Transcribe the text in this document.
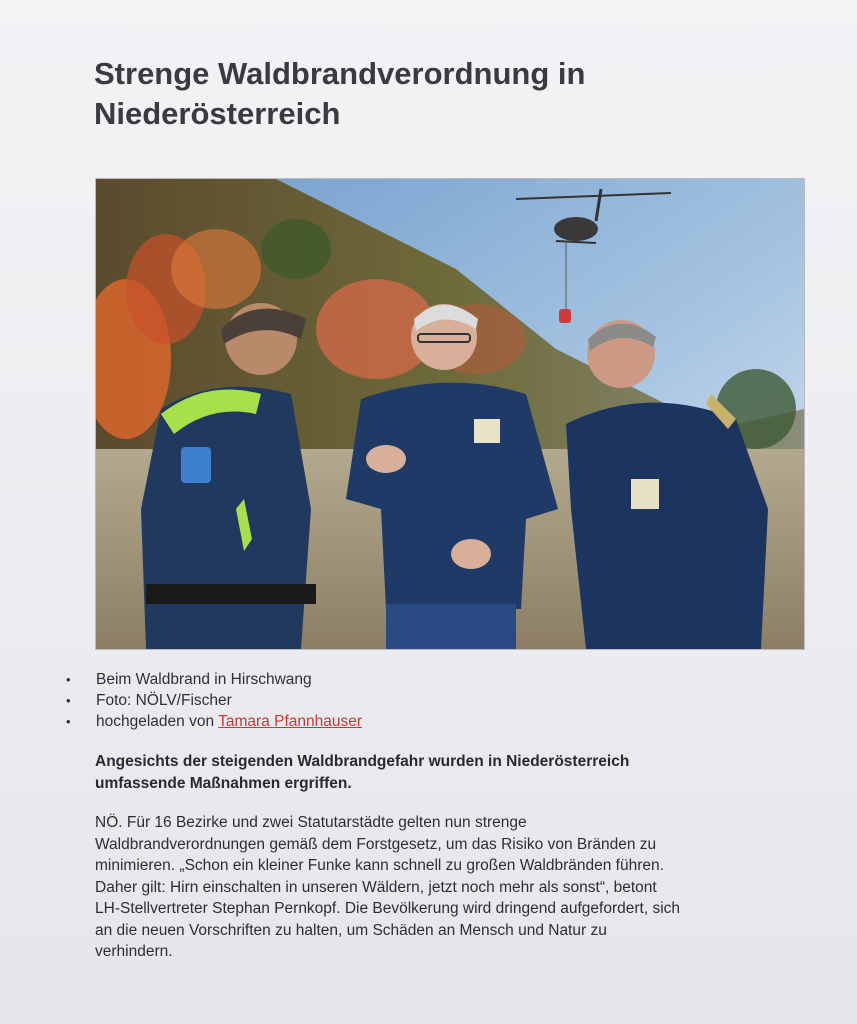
Strenge Waldbrandverordnung in
Niederösterreich
• Beim Waldbrand in Hirschwang
• Foto: NÖLV/Fischer
• hochgeladen von Tamara Pfannhauser

Angesichts der steigenden Waldbrandgefahr wurden in Niederösterreich
umfassende Maßnahmen ergriffen.

NÖ. Für 16 Bezirke und zwei Statutarstädte gelten nun strenge
Waldbrandverordnungen gemäß dem Forstgesetz, um das Risiko von Bränden zu
minimieren. „Schon ein kleiner Funke kann schnell zu großen Waldbränden führen.
Daher gilt: Hirn einschalten in unseren Wäldern, jetzt noch mehr als sonst“, betont
LH-Stellvertreter Stephan Pernkopf. Die Bevölkerung wird dringend aufgefordert, sich
an die neuen Vorschriften zu halten, um Schäden an Mensch und Natur zu
verhindern.
